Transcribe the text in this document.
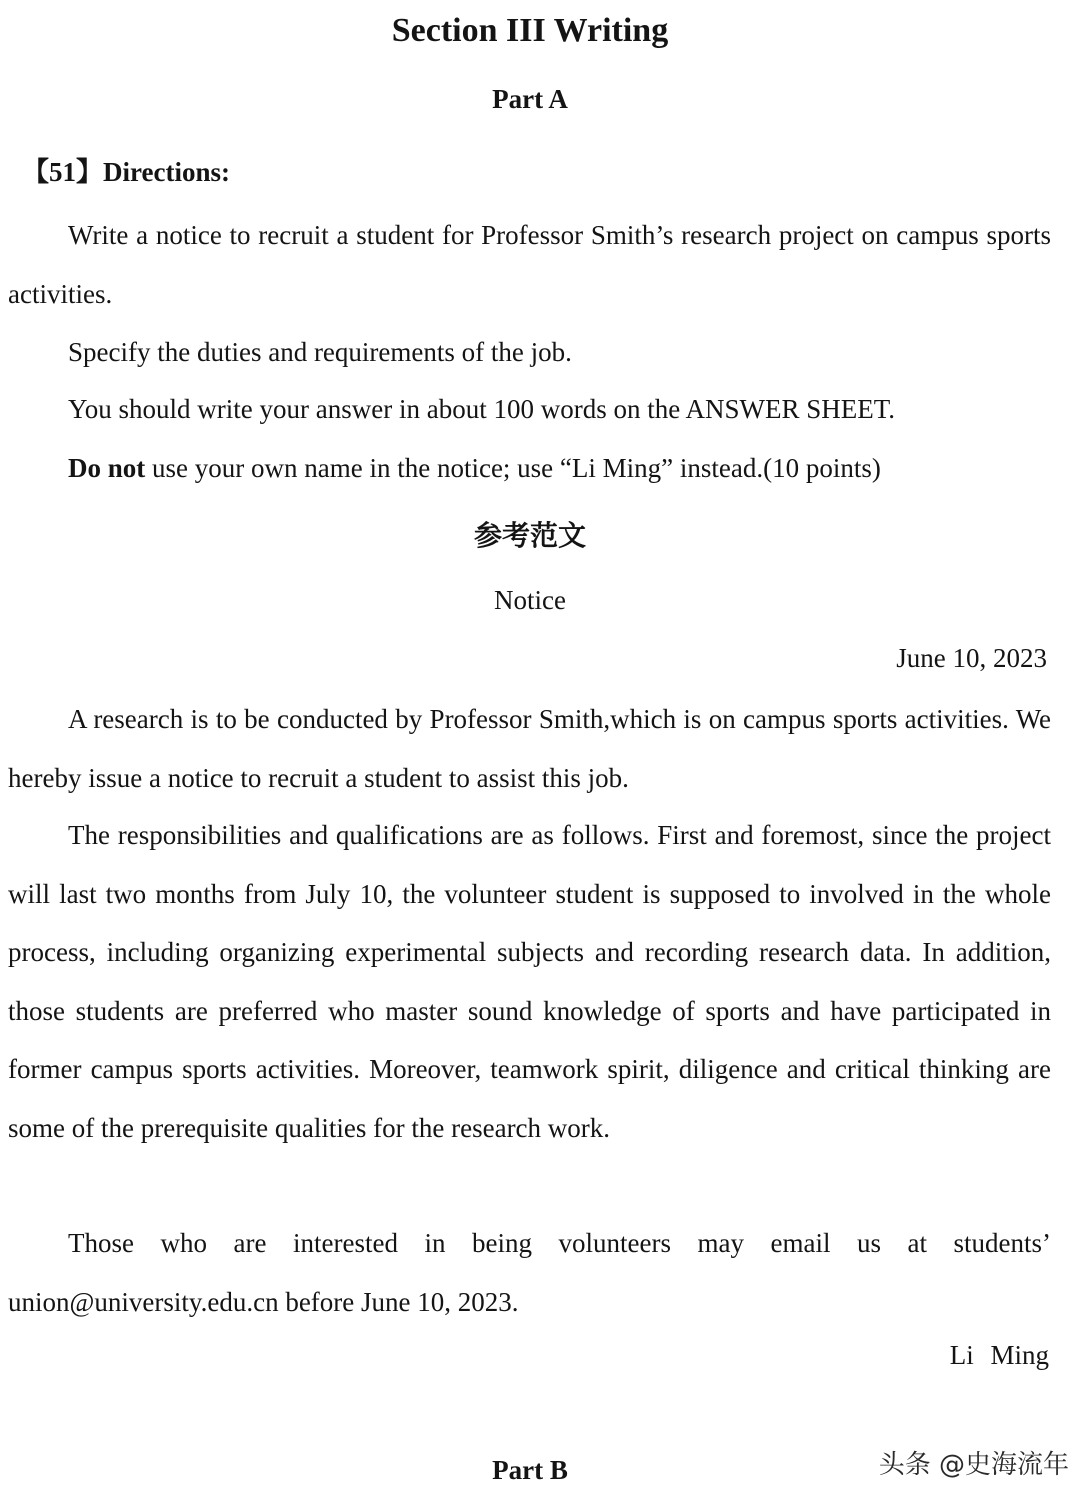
Section III Writing
Part A
【51】Directions:

Write a notice to recruit a student for Professor Smith’s research project on campus sports activities.

Specify the duties and requirements of the job.
You should write your answer in about 100 words on the ANSWER SHEET.
Do not use your own name in the notice; use “Li Ming” instead.(10 points)
参考范文
Notice
June 10, 2023

A research is to be conducted by Professor Smith,which is on campus sports activities. We hereby issue a notice to recruit a student to assist this job.

The responsibilities and qualifications are as follows. First and foremost, since the project will last two months from July 10, the volunteer student is supposed to involved in the whole process, including organizing experimental subjects and recording research data. In addition, those students are preferred who master sound knowledge of sports and have participated in former campus sports activities. Moreover, teamwork spirit, diligence and critical thinking are some of the prerequisite qualities for the research work.

Those who are interested in being volunteers may email us at students’ union@university.edu.cn before June 10, 2023.

Li Ming
Part B	头条 @史海流年
